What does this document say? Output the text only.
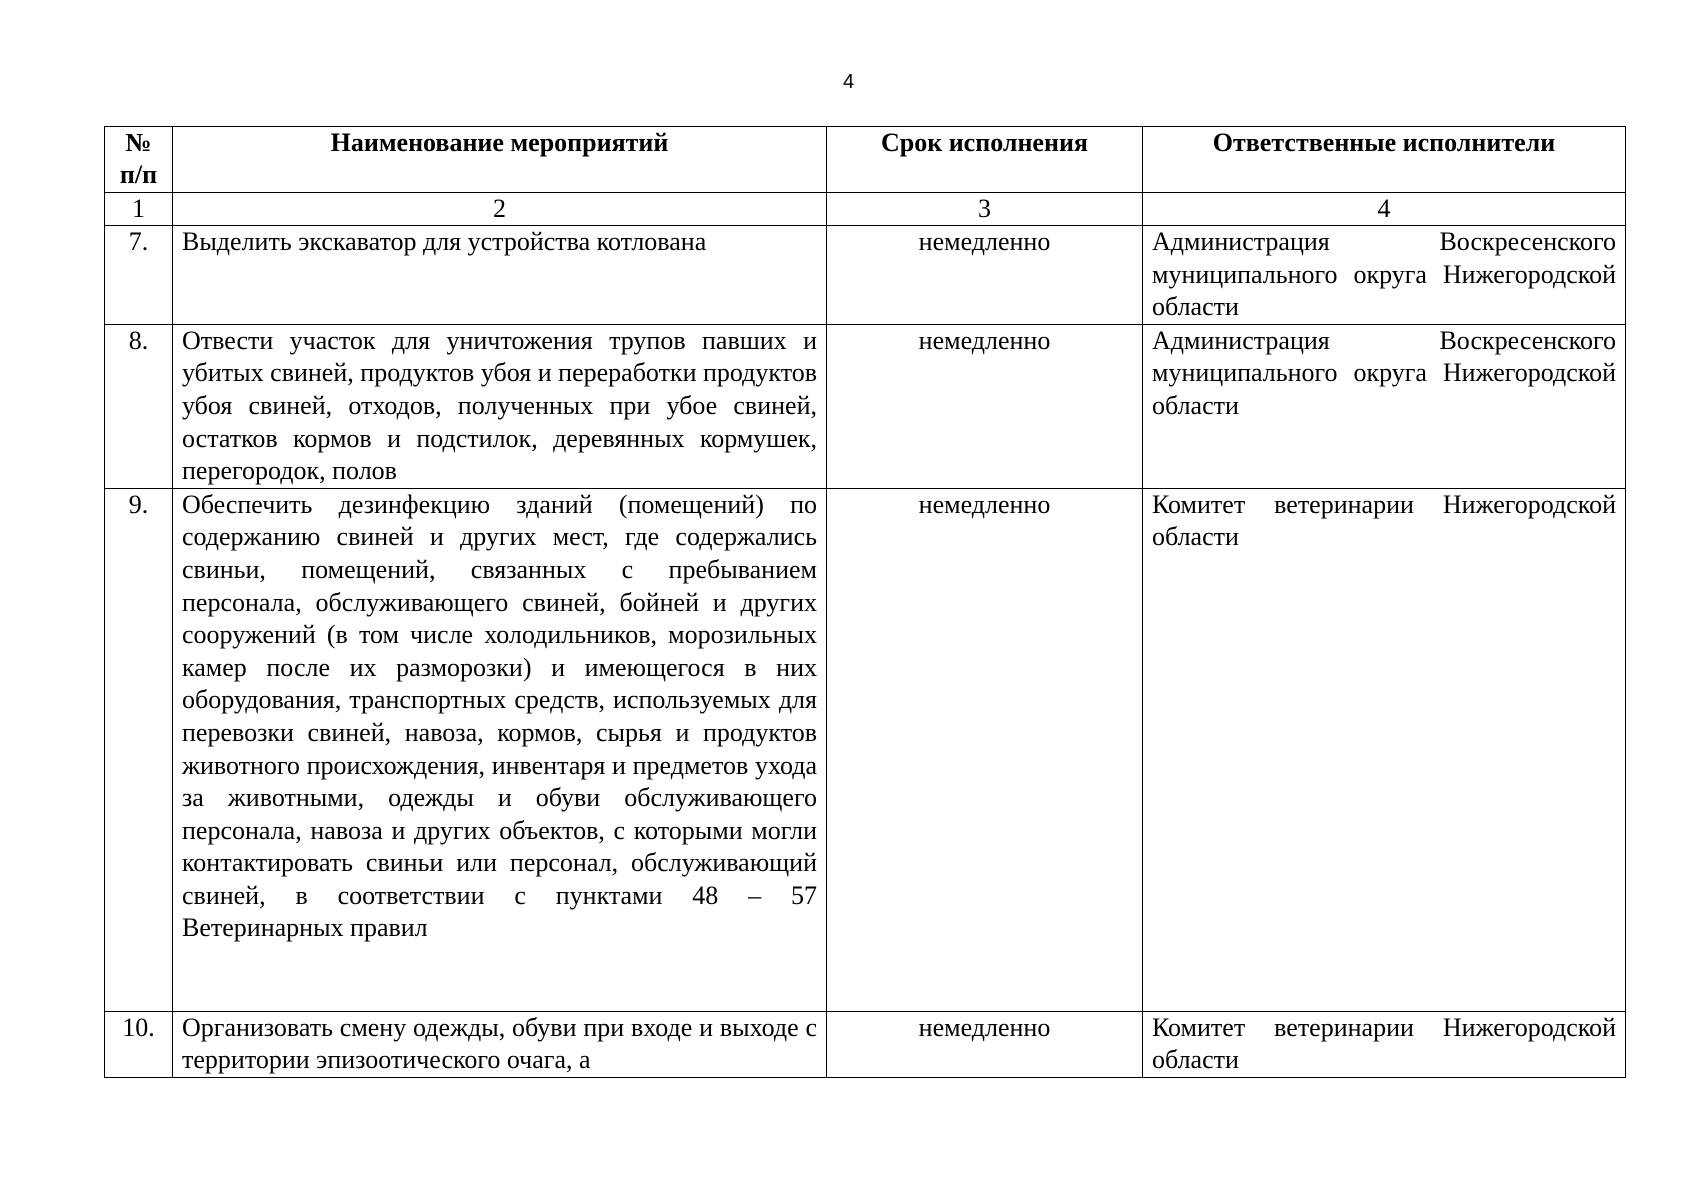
4
№ п/п	Наименование мероприятий	Срок исполнения	Ответственные исполнители
1	2	3	4
7.	Выделить экскаватор для устройства котлована	немедленно	Администрация Воскресенского муниципального округа Нижегородской области
8.	Отвести участок для уничтожения трупов павших и убитых свиней, продуктов убоя и переработки продуктов убоя свиней, отходов, полученных при убое свиней, остатков кормов и подстилок, деревянных кормушек, перегородок, полов	немедленно	Администрация Воскресенского муниципального округа Нижегородской области
9.	Обеспечить дезинфекцию зданий (помещений) по содержанию свиней и других мест, где содержались свиньи, помещений, связанных с пребыванием персонала, обслуживающего свиней, бойней и других сооружений (в том числе холодильников, морозильных камер после их разморозки) и имеющегося в них оборудования, транспортных средств, используемых для перевозки свиней, навоза, кормов, сырья и продуктов животного происхождения, инвентаря и предметов ухода за животными, одежды и обуви обслуживающего персонала, навоза и других объектов, с которыми могли контактировать свиньи или персонал, обслуживающий свиней, в соответствии с пунктами 48 – 57 Ветеринарных правил	немедленно	Комитет ветеринарии Нижегородской области
10.	Организовать смену одежды, обуви при входе и выходе с территории эпизоотического очага, а	немедленно	Комитет ветеринарии Нижегородской области
